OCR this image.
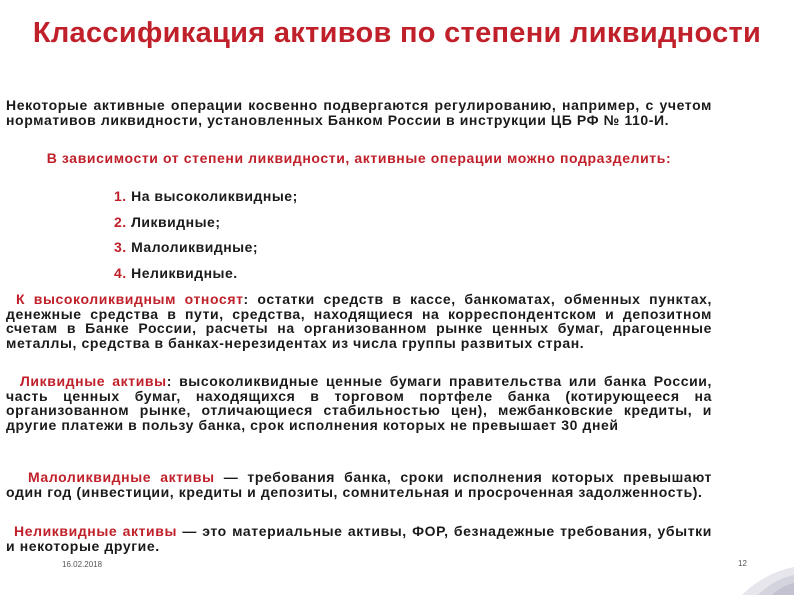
Классификация активов по степени ликвидности
Некоторые активные операции косвенно подвергаются регулированию, например, с учетом нормативов ликвидности, установленных Банком России в инструкции ЦБ РФ № 110-И.
В зависимости от степени ликвидности, активные операции можно подразделить:
1. На высоколиквидные;
2. Ликвидные;
3. Малоликвидные;
4. Неликвидные.
К высоколиквидным относят: остатки средств в кассе, банкоматах, обменных пунктах, денежные средства в пути, средства, находящиеся на корреспондентском и депозитном счетам в Банке России, расчеты на организованном рынке ценных бумаг, драгоценные металлы, средства в банках-нерезидентах из числа группы развитых стран.
Ликвидные активы: высоколиквидные ценные бумаги правительства или банка России, часть ценных бумаг, находящихся в торговом портфеле банка (котирующееся на организованном рынке, отличающиеся стабильностью цен), межбанковские кредиты, и другие платежи в пользу банка, срок исполнения которых не превышает 30 дней
Малоликвидные активы — требования банка, сроки исполнения которых превышают один год (инвестиции, кредиты и депозиты, сомнительная и просроченная задолженность).
Неликвидные активы — это материальные активы, ФОР, безнадежные требования, убытки и некоторые другие.
16.02.2018	12
